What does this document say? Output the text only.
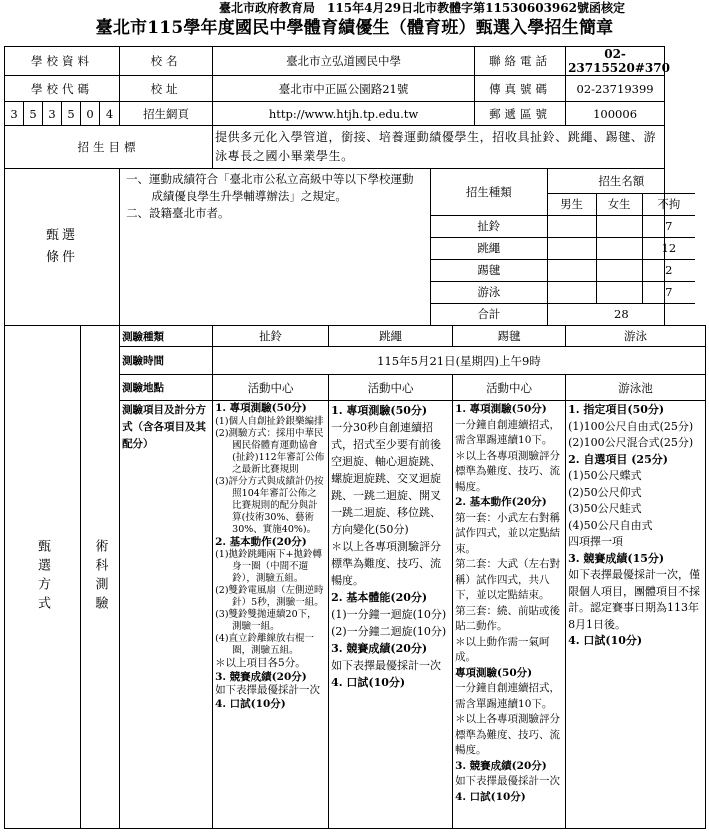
臺北市政府教育局　 115年4月29日北市教體字第11530603962號函核定
臺北市115學年度國民中學體育績優生（體育班）甄選入學招生簡章
學校資料	校名	臺北市立弘道國民中學	聯絡電話	02-23715520#370
學校代碼	校址	臺北市中正區公園路21號	傳真號碼	02-23719399
3	5	3	5	0	4	招生網頁	http://www.htjh.tp.edu.tw	郵遞區號	100006
招生目標	提供多元化入學管道，銜接、培養運動績優學生，招收具扯鈴、跳繩、踢毽、游泳專長之國小畢業學生。

甄選條件

一、運動成績符合「臺北市公私立高級中等以下學校運動成績優良學生升學輔導辦法」之規定。
二、設籍臺北市者。

招生種類	招生名額
男生	女生	不拘
扯鈴			7
跳繩			12
踢毽			2
游泳			7
合計	28

甄選方式	術科測驗
	測驗種類	扯鈴	跳繩	踢毽	游泳
測驗時間	115年5月21日(星期四)上午9時
測驗地點	活動中心	活動中心	活動中心	游泳池
測驗項目及計分方式（含各項目及其配分）	
1. 專項測驗(50分)
(1)個人自創扯鈴銀樂編排
(2)測驗方式：採用中華民國民俗體育運動協會(扯鈴)112年審訂公佈之最新比賽規則
(3)評分方式與成績計仍按照104年審訂公佈之比賽規則的配分與計算(技術30%、藝術30%、實施40%)。
2. 基本動作(20分)
(1)拋鈴跳繩兩下+拋鈴轉身一圈（中間不遛鈴），測驗五組。
(2)雙鈴電風扇（左側逆時針）5秒，測驗一組。
(3)雙鈴雙拋連續20下，測驗一組。
(4)直立鈴離線放右棍一圈，測驗五組。
＊以上項目各5分。
3. 競賽成績(20分)
如下表擇最優採計一次
4. 口試(10分)

1. 專項測驗(50分)
一分30秒自創連續招式，招式至少要有前後空迴旋、軸心迴旋跳、螺旋迴旋跳、交叉迴旋跳、一跳二迴旋、開叉一跳二迴旋、移位跳、方向變化(50分)
＊以上各專項測驗評分標準為難度、技巧、流暢度。
2. 基本體能(20分)
(1)一分鐘一迴旋(10分)
(2)一分鐘二迴旋(10分)
3. 競賽成績(20分)
如下表擇最優採計一次
4. 口試(10分)

1. 專項測驗(50分)
一分鐘自創連續招式，需含單踢連續10下。
＊以上各專項測驗評分標準為難度、技巧、流暢度。
2. 基本動作(20分)
第一套：小武左右對稱試作四式，並以定點結束。
第二套：大武（左右對稱）試作四式，共八下，並以定點結束。
第三套：繞、前貼或後貼二動作。
＊以上動作需一氣呵成。
專項測驗(50分)
一分鐘自創連續招式，需含單踢連續10下。
＊以上各專項測驗評分標準為難度、技巧、流暢度。
3. 競賽成績(20分)
如下表擇最優採計一次
4. 口試(10分)

1. 指定項目(50分)
(1)100公尺自由式(25分)
(2)100公尺混合式(25分)
2. 自選項目 (25分)
(1)50公尺蝶式
(2)50公尺仰式
(3)50公尺蛙式
(4)50公尺自由式
四項擇一項
3. 競賽成績(15分)
如下表擇最優採計一次，僅限個人項目，團體項目不採計。認定賽事日期為113年8月1日後。
4. 口試(10分)
